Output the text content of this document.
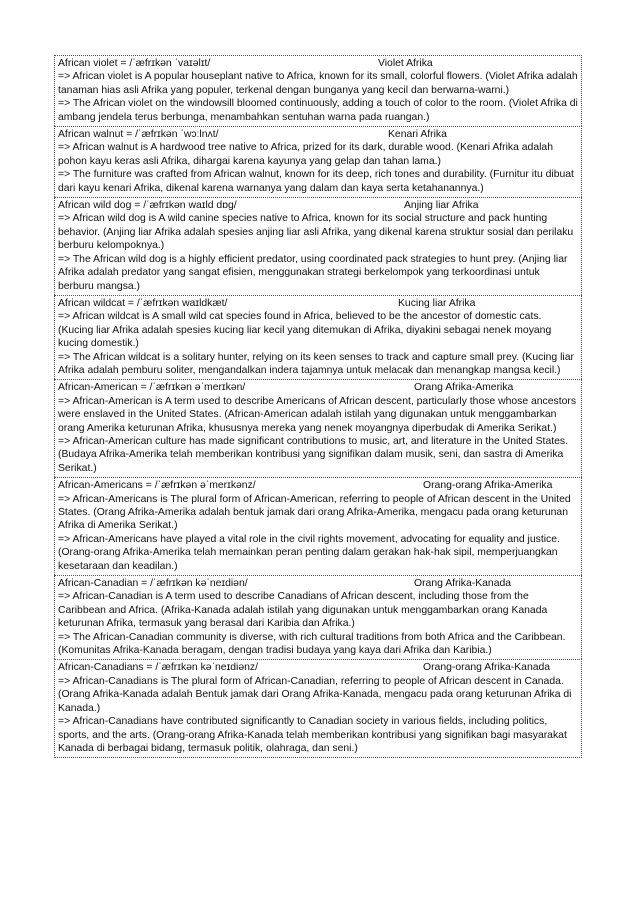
African violet = /ˈæfrɪkən ˈvaɪəlɪt/	Violet Afrika
=> African violet is A popular houseplant native to Africa, known for its small, colorful flowers. (Violet Afrika adalah tanaman hias asli Afrika yang populer, terkenal dengan bunganya yang kecil dan berwarna-warni.)
=> The African violet on the windowsill bloomed continuously, adding a touch of color to the room. (Violet Afrika di ambang jendela terus berbunga, menambahkan sentuhan warna pada ruangan.)
African walnut = /ˈæfrɪkən ˈwɔːlnʌt/	Kenari Afrika
=> African walnut is A hardwood tree native to Africa, prized for its dark, durable wood. (Kenari Afrika adalah pohon kayu keras asli Afrika, dihargai karena kayunya yang gelap dan tahan lama.)
=> The furniture was crafted from African walnut, known for its deep, rich tones and durability. (Furnitur itu dibuat dari kayu kenari Afrika, dikenal karena warnanya yang dalam dan kaya serta ketahanannya.)
African wild dog = /ˈæfrɪkən waɪld dɒɡ/	Anjing liar Afrika
=> African wild dog is A wild canine species native to Africa, known for its social structure and pack hunting behavior. (Anjing liar Afrika adalah spesies anjing liar asli Afrika, yang dikenal karena struktur sosial dan perilaku berburu kelompoknya.)
=> The African wild dog is a highly efficient predator, using coordinated pack strategies to hunt prey. (Anjing liar Afrika adalah predator yang sangat efisien, menggunakan strategi berkelompok yang terkoordinasi untuk berburu mangsa.)
African wildcat = /ˈæfrɪkən waɪldkæt/	Kucing liar Afrika
=> African wildcat is A small wild cat species found in Africa, believed to be the ancestor of domestic cats. (Kucing liar Afrika adalah spesies kucing liar kecil yang ditemukan di Afrika, diyakini sebagai nenek moyang kucing domestik.)
=> The African wildcat is a solitary hunter, relying on its keen senses to track and capture small prey. (Kucing liar Afrika adalah pemburu soliter, mengandalkan indera tajamnya untuk melacak dan menangkap mangsa kecil.)
African-American = /ˈæfrɪkən əˈmerɪkən/	Orang Afrika-Amerika
=> African-American is A term used to describe Americans of African descent, particularly those whose ancestors were enslaved in the United States. (African-American adalah istilah yang digunakan untuk menggambarkan orang Amerika keturunan Afrika, khususnya mereka yang nenek moyangnya diperbudak di Amerika Serikat.)
=> African-American culture has made significant contributions to music, art, and literature in the United States. (Budaya Afrika-Amerika telah memberikan kontribusi yang signifikan dalam musik, seni, dan sastra di Amerika Serikat.)
African-Americans = /ˈæfrɪkən əˈmerɪkənz/	Orang-orang Afrika-Amerika
=> African-Americans is The plural form of African-American, referring to people of African descent in the United States. (Orang Afrika-Amerika adalah bentuk jamak dari orang Afrika-Amerika, mengacu pada orang keturunan Afrika di Amerika Serikat.)
=> African-Americans have played a vital role in the civil rights movement, advocating for equality and justice. (Orang-orang Afrika-Amerika telah memainkan peran penting dalam gerakan hak-hak sipil, memperjuangkan kesetaraan dan keadilan.)
African-Canadian = /ˈæfrɪkən kəˈneɪdiən/	Orang Afrika-Kanada
=> African-Canadian is A term used to describe Canadians of African descent, including those from the Caribbean and Africa. (Afrika-Kanada adalah istilah yang digunakan untuk menggambarkan orang Kanada keturunan Afrika, termasuk yang berasal dari Karibia dan Afrika.)
=> The African-Canadian community is diverse, with rich cultural traditions from both Africa and the Caribbean. (Komunitas Afrika-Kanada beragam, dengan tradisi budaya yang kaya dari Afrika dan Karibia.)
African-Canadians = /ˈæfrɪkən kəˈneɪdiənz/	Orang-orang Afrika-Kanada
=> African-Canadians is The plural form of African-Canadian, referring to people of African descent in Canada. (Orang Afrika-Kanada adalah Bentuk jamak dari Orang Afrika-Kanada, mengacu pada orang keturunan Afrika di Kanada.)
=> African-Canadians have contributed significantly to Canadian society in various fields, including politics, sports, and the arts. (Orang-orang Afrika-Kanada telah memberikan kontribusi yang signifikan bagi masyarakat Kanada di berbagai bidang, termasuk politik, olahraga, dan seni.)
